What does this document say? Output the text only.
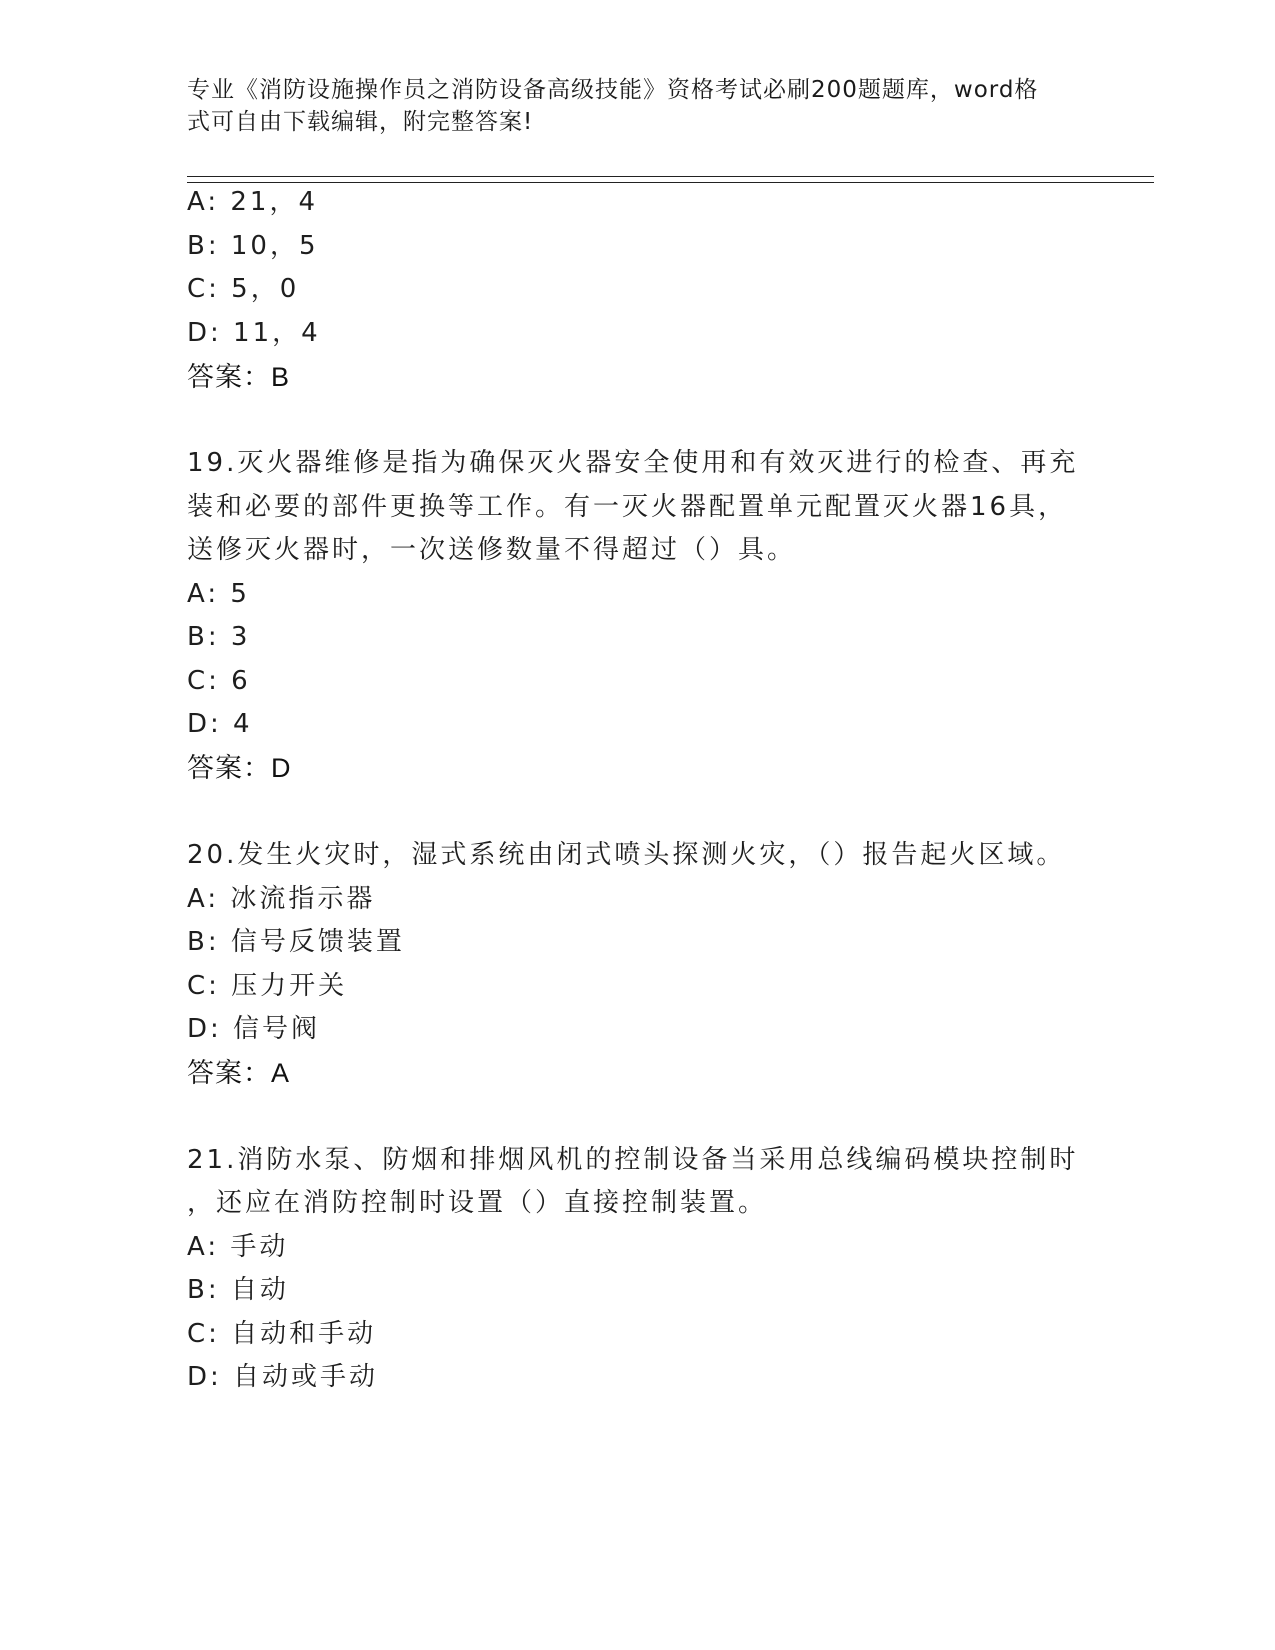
专业《消防设施操作员之消防设备高级技能》资格考试必刷200题题库，word格
式可自由下载编辑，附完整答案!
A: 21，4
B: 10，5
C: 5，0
D: 11，4
答案：B
19.灭火器维修是指为确保灭火器安全使用和有效灭进行的检查、再充
装和必要的部件更换等工作。有一灭火器配置单元配置灭火器16具，
送修灭火器时，一次送修数量不得超过（）具。
A: 5
B: 3
C: 6
D: 4
答案：D
20.发生火灾时，湿式系统由闭式喷头探测火灾，（）报告起火区域。
A: 冰流指示器
B: 信号反馈装置
C: 压力开关
D: 信号阀
答案：A
21.消防水泵、防烟和排烟风机的控制设备当采用总线编码模块控制时
，还应在消防控制时设置（）直接控制装置。
A: 手动
B: 自动
C: 自动和手动
D: 自动或手动
